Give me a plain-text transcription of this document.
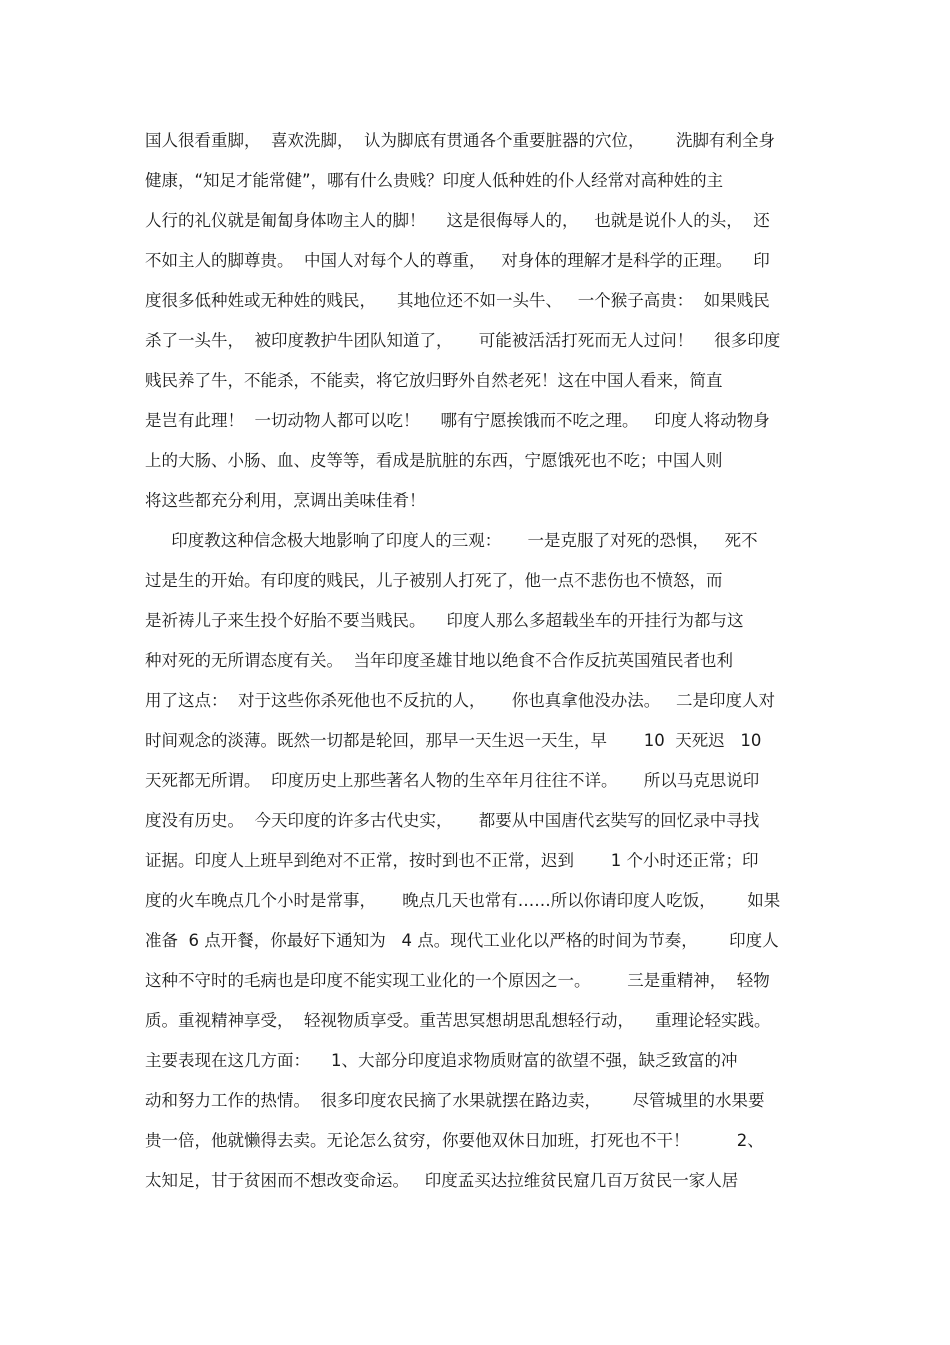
国人很看重脚，  喜欢洗脚，  认为脚底有贯通各个重要脏器的穴位，      洗脚有利全身
健康，“知足才能常健”，哪有什么贵贱？印度人低种姓的仆人经常对高种姓的主
人行的礼仪就是匍匐身体吻主人的脚！    这是很侮辱人的，   也就是说仆人的头，  还
不如主人的脚尊贵。  中国人对每个人的尊重，   对身体的理解才是科学的正理。    印
度很多低种姓或无种姓的贱民，    其地位还不如一头牛、   一个猴子高贵：  如果贱民
杀了一头牛，  被印度教护牛团队知道了，     可能被活活打死而无人过问！    很多印度
贱民养了牛，不能杀，不能卖，将它放归野外自然老死！这在中国人看来，简直
是岂有此理！  一切动物人都可以吃！    哪有宁愿挨饿而不吃之理。   印度人将动物身
上的大肠、小肠、血、皮等等，看成是肮脏的东西，宁愿饿死也不吃；中国人则
将这些都充分利用，烹调出美味佳肴！
印度教这种信念极大地影响了印度人的三观：     一是克服了对死的恐惧，   死不
过是生的开始。有印度的贱民，儿子被别人打死了，他一点不悲伤也不愤怒，而
是祈祷儿子来生投个好胎不要当贱民。    印度人那么多超载坐车的开挂行为都与这
种对死的无所谓态度有关。  当年印度圣雄甘地以绝食不合作反抗英国殖民者也利
用了这点：  对于这些你杀死他也不反抗的人，     你也真拿他没办法。   二是印度人对
时间观念的淡薄。既然一切都是轮回，那早一天生迟一天生，早       10  天死迟   10
天死都无所谓。  印度历史上那些著名人物的生卒年月往往不详。     所以马克思说印
度没有历史。  今天印度的许多古代史实，     都要从中国唐代玄奘写的回忆录中寻找
证据。印度人上班早到绝对不正常，按时到也不正常，迟到       1 个小时还正常；印
度的火车晚点几个小时是常事，     晚点几天也常有……所以你请印度人吃饭，      如果
准备  6 点开餐，你最好下通知为   4 点。现代工业化以严格的时间为节奏，      印度人
这种不守时的毛病也是印度不能实现工业化的一个原因之一。       三是重精神，  轻物
质。重视精神享受，  轻视物质享受。重苦思冥想胡思乱想轻行动，    重理论轻实践。
主要表现在这几方面：    1、大部分印度追求物质财富的欲望不强，缺乏致富的冲
动和努力工作的热情。  很多印度农民摘了水果就摆在路边卖，      尽管城里的水果要
贵一倍，他就懒得去卖。无论怎么贫穷，你要他双休日加班，打死也不干！         2、
太知足，甘于贫困而不想改变命运。   印度孟买达拉维贫民窟几百万贫民一家人居
